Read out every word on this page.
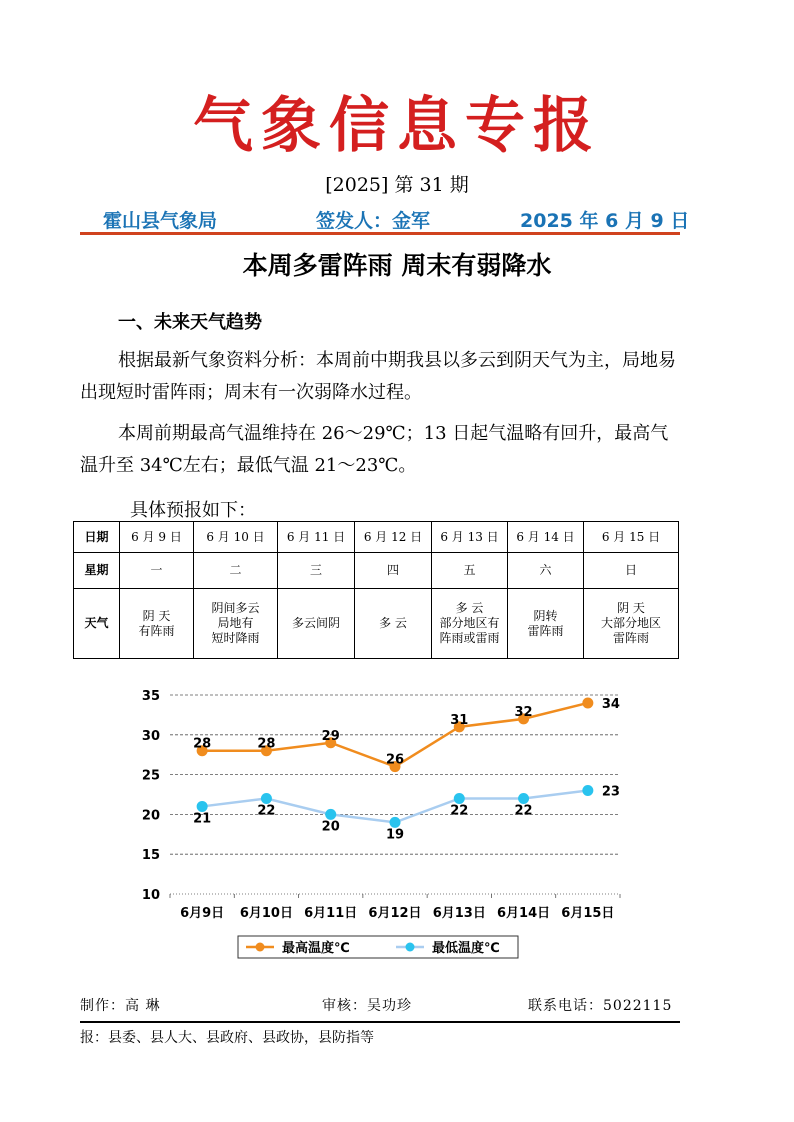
气象信息专报
[2025] 第 31 期
霍山县气象局	签发人：金军	2025 年 6 月 9 日
本周多雷阵雨 周末有弱降水
一、未来天气趋势
根据最新气象资料分析：本周前中期我县以多云到阴天气为主，局地易出现短时雷阵雨；周末有一次弱降水过程。
本周前期最高气温维持在 26～29℃；13 日起气温略有回升，最高气温升至 34℃左右；最低气温 21～23℃。
具体预报如下：
日期	6 月 9 日	6 月 10 日	6 月 11 日	6 月 12 日	6 月 13 日	6 月 14 日	6 月 15 日
星期	一	二	三	四	五	六	日
天气	阴 天
有阵雨	阴间多云
局地有
短时降雨	多云间阴	多 云	多 云
部分地区有
阵雨或雷雨	阴转
雷阵雨	阴 天
大部分地区
雷阵雨
10
15
20
25
30
35
6月9日 6月10日 6月11日 6月12日 6月13日 6月14日 6月15日
28	28
29
26
31
32
34
21
22
20
19
22	22
23
最高温度℃	最低温度℃
制作：高 琳	审核：吴功珍	联系电话：5022115
报：县委、县人大、县政府、县政协，县防指等
